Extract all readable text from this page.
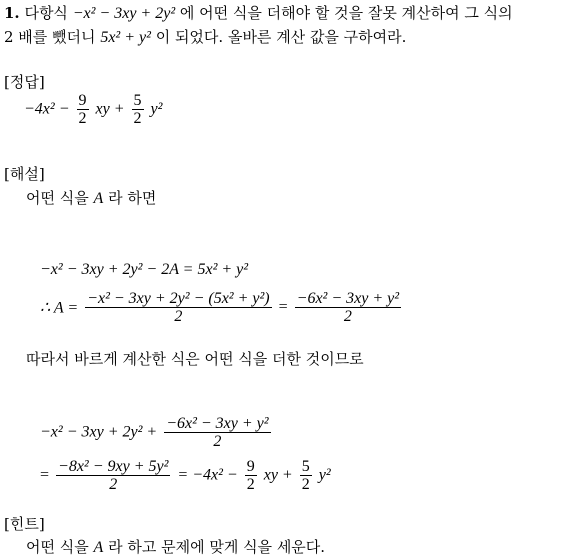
1. 다항식 −x² − 3xy + 2y² 에 어떤 식을 더해야 할 것을 잘못 계산하여 그 식의
2 배를 뺐더니 5x² + y² 이 되었다. 올바른 계산 값을 구하여라.
[정답]
$-4x^2 - \frac{9}{2}$ xy + $\frac{5}{2} y^2$
[해설]
어떤 식을 A 라 하면
−x² − 3xy + 2y² − 2A = 5x² + y²
∴ $A = \frac{\text{−x² − 3xy + 2y² − (5x² + y²)}}{2} = \frac{\text{−6x² − 3xy + y²}}{2}$
따라서 바르게 계산한 식은 어떤 식을 더한 것이므로
$-x^2 - 3xy + 2y^2 + \frac{\text{−6x² − 3xy + y²}}{2}$
= $\frac{\text{−8x² − 9xy + 5y²}}{2} = -4x^2 - \frac{9}{2}$ xy + $\frac{5}{2} y^2$
[힌트]
어떤 식을 A 라 하고 문제에 맞게 식을 세운다.
